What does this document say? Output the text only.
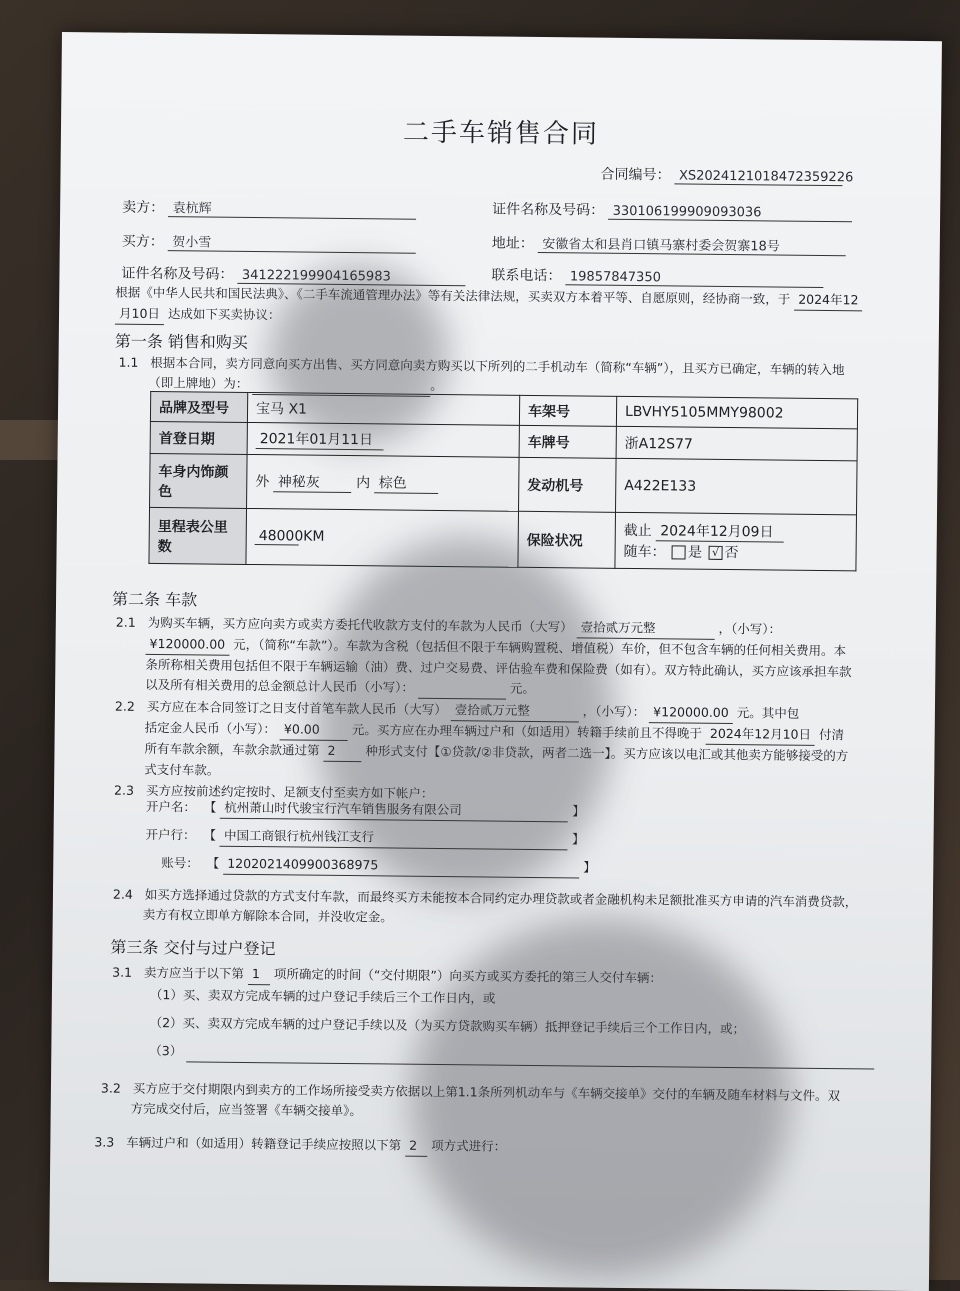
二手车销售合同
合同编号： XS20241210184723592​26
卖方： 袁杭辉	证件名称及号码： 330106199909093036
买方： 贺小雪	地址： 安徽省太和县肖口镇马寨村委会贺寨18号
证件名称及号码： 341222199904165983	联系电话： 19857847350
根据《中华人民共和国民法典》、《二手车流通管理办法》等有关法律法规，买卖双方本着平等、自愿原则，经协商一致，于 2024年12
月10日 达成如下买卖协议：
第一条 销售和购买
1.1 根据本合同，卖方同意向买方出售、买方同意向卖方购买以下所列的二手机动车（简称“车辆”），且买方已确定，车辆的转入地
（即上牌地）为：	。
品牌及型号	宝马 X1	车架号	LBVHY5105MMY98002
首登日期	2021年01月11日	车牌号	浙A12S77
车身内饰颜色	外 神秘灰 内 棕色	发动机号	A422E133
里程表公里数	48000 KM	保险状况	截止 2024年12月09日
随车： 是 √ 否
第二条 车款
2.1 为购买车辆，买方应向卖方或卖方委托代收款方支付的车款为人民币（大写） 壹拾贰万元整	，（小写）：
¥120000.00 元，（简称“车款”）。车款为含税（包括但不限于车辆购置税、增值税）车价，但不包含车辆的任何相关费用。本
条所称相关费用包括但不限于车辆运输（油）费、过户交易费、评估验车费和保险费（如有）。双方特此确认，买方应该承担车款
以及所有相关费用的总金额总计人民币（小写）：	元。
2.2 买方应在本合同签订之日支付首笔车款人民币（大写） 壹拾贰万元整	，（小写）： ¥120000.00 元。其中包
括定金人民币（小写）： ¥0.00	元。买方应在办理车辆过户和（如适用）转籍手续前且不得晚于 2024年12月10日 付清
所有车款余额，车款余款通过第 2 种形式支付【①贷款/②非贷款，两者二选一】。买方应该以电汇或其他卖方能够接受的方
式支付车款。
2.3 买方应按前述约定按时、足额支付至卖方如下帐户：
开户名： 【 杭州萧山时代骏宝行汽车销售服务有限公司	】
开户行： 【 中国工商银行杭州钱江支行	】
账号： 【 1202021409900368975	】
2.4 如买方选择通过贷款的方式支付车款，而最终买方未能按本合同约定办理贷款或者金融机构未足额批准买方申请的汽车消费贷款，
卖方有权立即单方解除本合同，并没收定金。
第三条 交付与过户登记
3.1 卖方应当于以下第 1 项所确定的时间（“交付期限”）向买方或买方委托的第三人交付车辆：
（1）买、卖双方完成车辆的过户登记手续后三个工作日内，或
（2）买、卖双方完成车辆的过户登记手续以及（为买方贷款购买车辆）抵押登记手续后三个工作日内，或；
（3）
3.2 买方应于交付期限内到卖方的工作场所接受卖方依据以上第1.1条所列机动车与《车辆交接单》交付的车辆及随车材料与文件。双
方完成交付后，应当签署《车辆交接单》。
3.3 车辆过户和（如适用）转籍登记手续应按照以下第 2 项方式进行：
